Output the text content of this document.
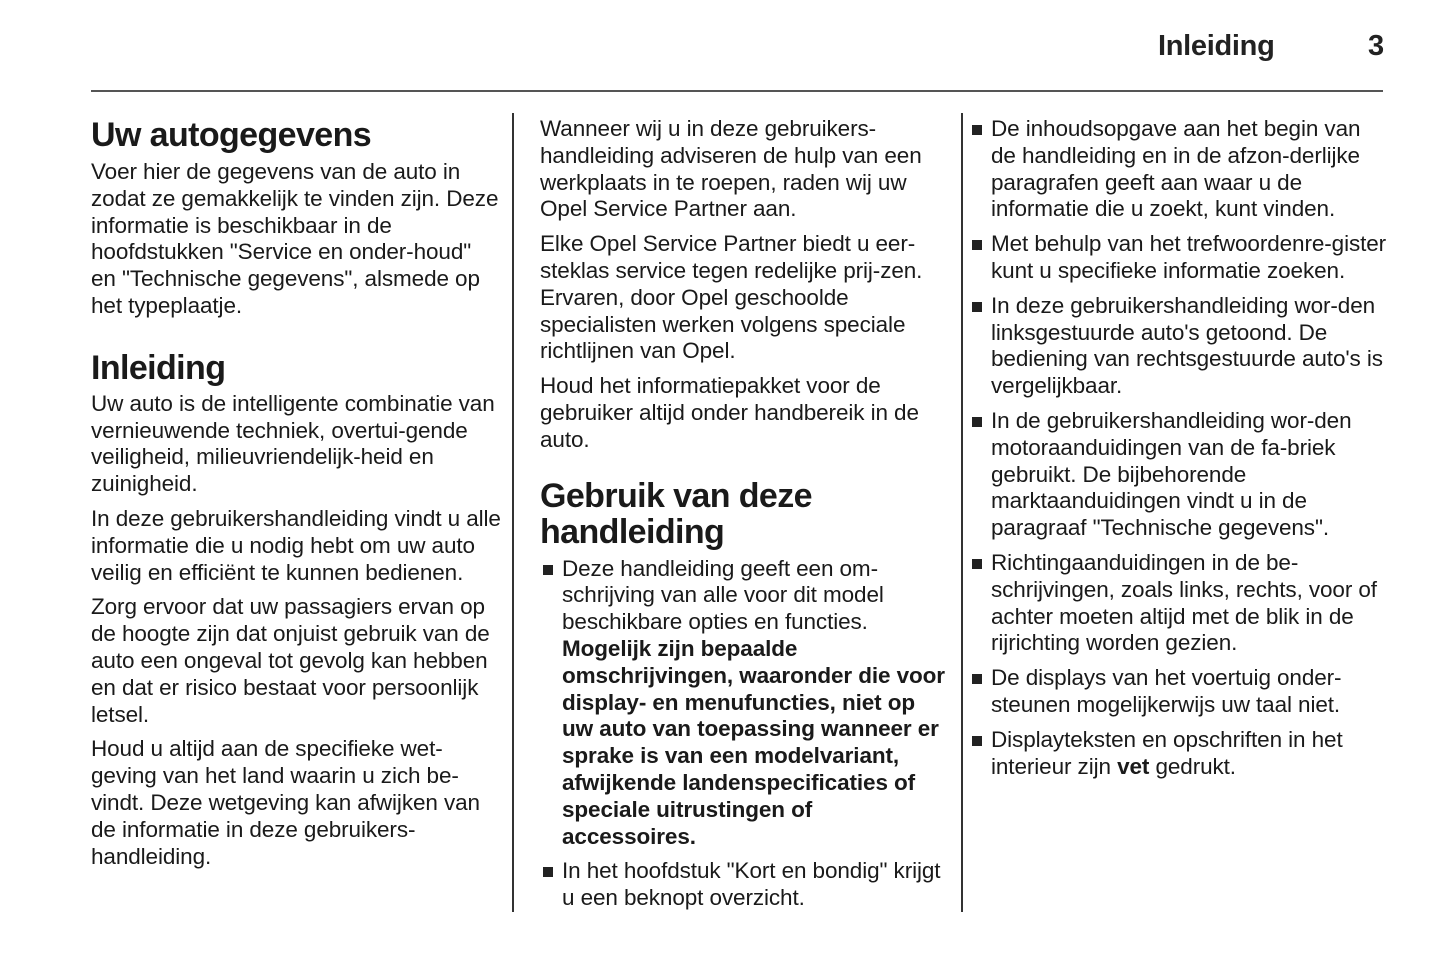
Inleiding	3
Uw autogegevens

Voer hier de gegevens van de auto in zodat ze gemakkelijk te vinden zijn. Deze informatie is beschikbaar in de hoofdstukken "Service en onder-houd" en "Technische gegevens", alsmede op het typeplaatje.

Inleiding

Uw auto is de intelligente combinatie van vernieuwende techniek, overtui-gende veiligheid, milieuvriendelijk-heid en zuinigheid.

In deze gebruikershandleiding vindt u alle informatie die u nodig hebt om uw auto veilig en efficiënt te kunnen bedienen.

Zorg ervoor dat uw passagiers ervan op de hoogte zijn dat onjuist gebruik van de auto een ongeval tot gevolg kan hebben en dat er risico bestaat voor persoonlijk letsel.

Houd u altijd aan de specifieke wet-geving van het land waarin u zich be-vindt. Deze wetgeving kan afwijken van de informatie in deze gebruikers-handleiding.

Wanneer wij u in deze gebruikers-handleiding adviseren de hulp van een werkplaats in te roepen, raden wij uw Opel Service Partner aan.

Elke Opel Service Partner biedt u eer-steklas service tegen redelijke prij-zen. Ervaren, door Opel geschoolde specialisten werken volgens speciale richtlijnen van Opel.

Houd het informatiepakket voor de gebruiker altijd onder handbereik in de auto.

Gebruik van deze handleiding
Deze handleiding geeft een om-schrijving van alle voor dit model beschikbare opties en functies. Mogelijk zijn bepaalde omschrijvingen, waaronder die voor display- en menufuncties, niet op uw auto van toepassing wanneer er sprake is van een modelvariant, afwijkende landenspecificaties of speciale uitrustingen of accessoires.
In het hoofdstuk "Kort en bondig" krijgt u een beknopt overzicht.
De inhoudsopgave aan het begin van de handleiding en in de afzon-derlijke paragrafen geeft aan waar u de informatie die u zoekt, kunt vinden.
Met behulp van het trefwoordenre-gister kunt u specifieke informatie zoeken.
In deze gebruikershandleiding wor-den linksgestuurde auto's getoond. De bediening van rechtsgestuurde auto's is vergelijkbaar.
In de gebruikershandleiding wor-den motoraanduidingen van de fa-briek gebruikt. De bijbehorende marktaanduidingen vindt u in de paragraaf "Technische gegevens".
Richtingaanduidingen in de be-schrijvingen, zoals links, rechts, voor of achter moeten altijd met de blik in de rijrichting worden gezien.
De displays van het voertuig onder-steunen mogelijkerwijs uw taal niet.
Displayteksten en opschriften in het interieur zijn vet gedrukt.
